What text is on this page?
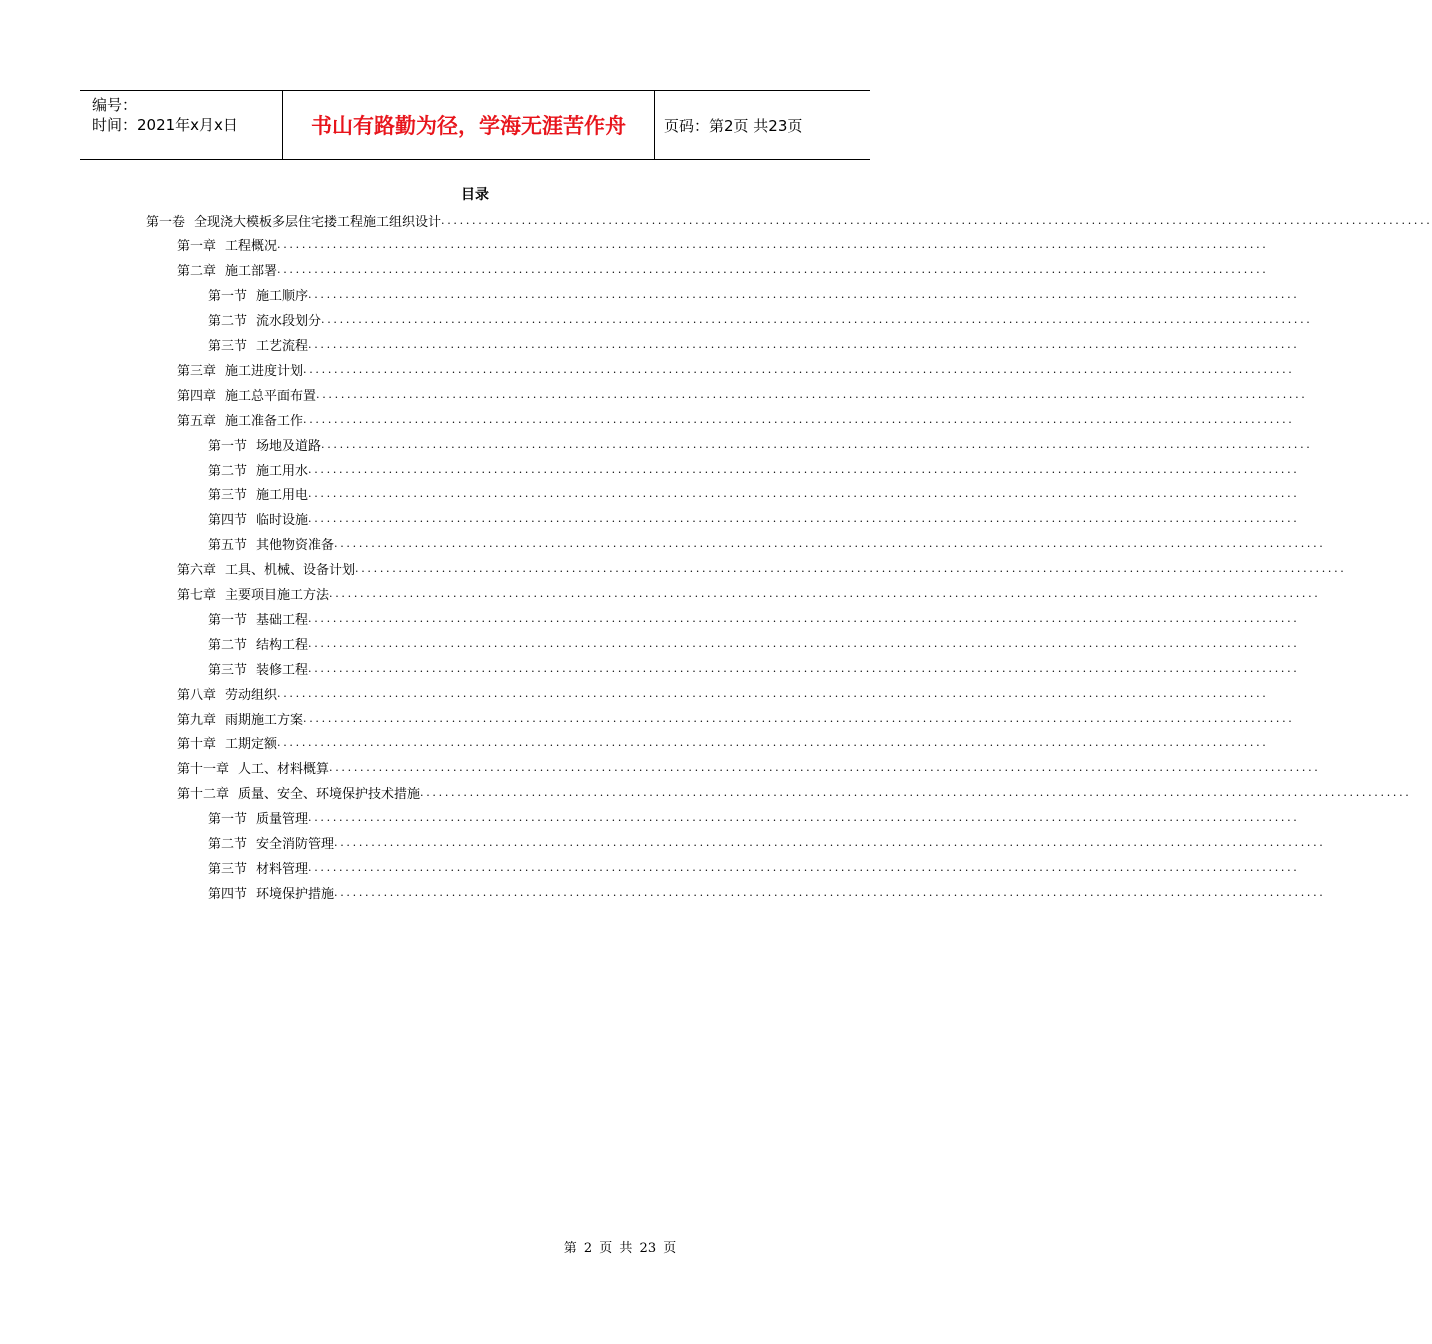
编号：
时间：2021年x月x日	书山有路勤为径，学海无涯苦作舟	页码：第2页 共23页
目录
第一卷 全现浇大模板多层住宅搂工程施工组织设计 ................................................................................................................................................................
第一章 工程概况 ................................................................................................................................................................
第二章 施工部署 ................................................................................................................................................................
第一节 施工顺序 ................................................................................................................................................................
第二节 流水段划分 ................................................................................................................................................................
第三节 工艺流程 ................................................................................................................................................................
第三章 施工进度计划 ................................................................................................................................................................
第四章 施工总平面布置 ................................................................................................................................................................
第五章 施工准备工作 ................................................................................................................................................................
第一节 场地及道路 ................................................................................................................................................................
第二节 施工用水 ................................................................................................................................................................
第三节 施工用电 ................................................................................................................................................................
第四节 临时设施 ................................................................................................................................................................
第五节 其他物资准备 ................................................................................................................................................................
第六章 工具、机械、设备计划 ................................................................................................................................................................
第七章 主要项目施工方法 ................................................................................................................................................................
第一节 基础工程 ................................................................................................................................................................
第二节 结构工程 ................................................................................................................................................................
第三节 装修工程 ................................................................................................................................................................
第八章 劳动组织 ................................................................................................................................................................
第九章 雨期施工方案 ................................................................................................................................................................
第十章 工期定额 ................................................................................................................................................................
第十一章 人工、材料概算 ................................................................................................................................................................
第十二章 质量、安全、环境保护技术措施 ................................................................................................................................................................
第一节 质量管理 ................................................................................................................................................................
第二节 安全消防管理 ................................................................................................................................................................
第三节 材料管理 ................................................................................................................................................................
第四节 环境保护措施 ................................................................................................................................................................
第 2 页 共 23 页
